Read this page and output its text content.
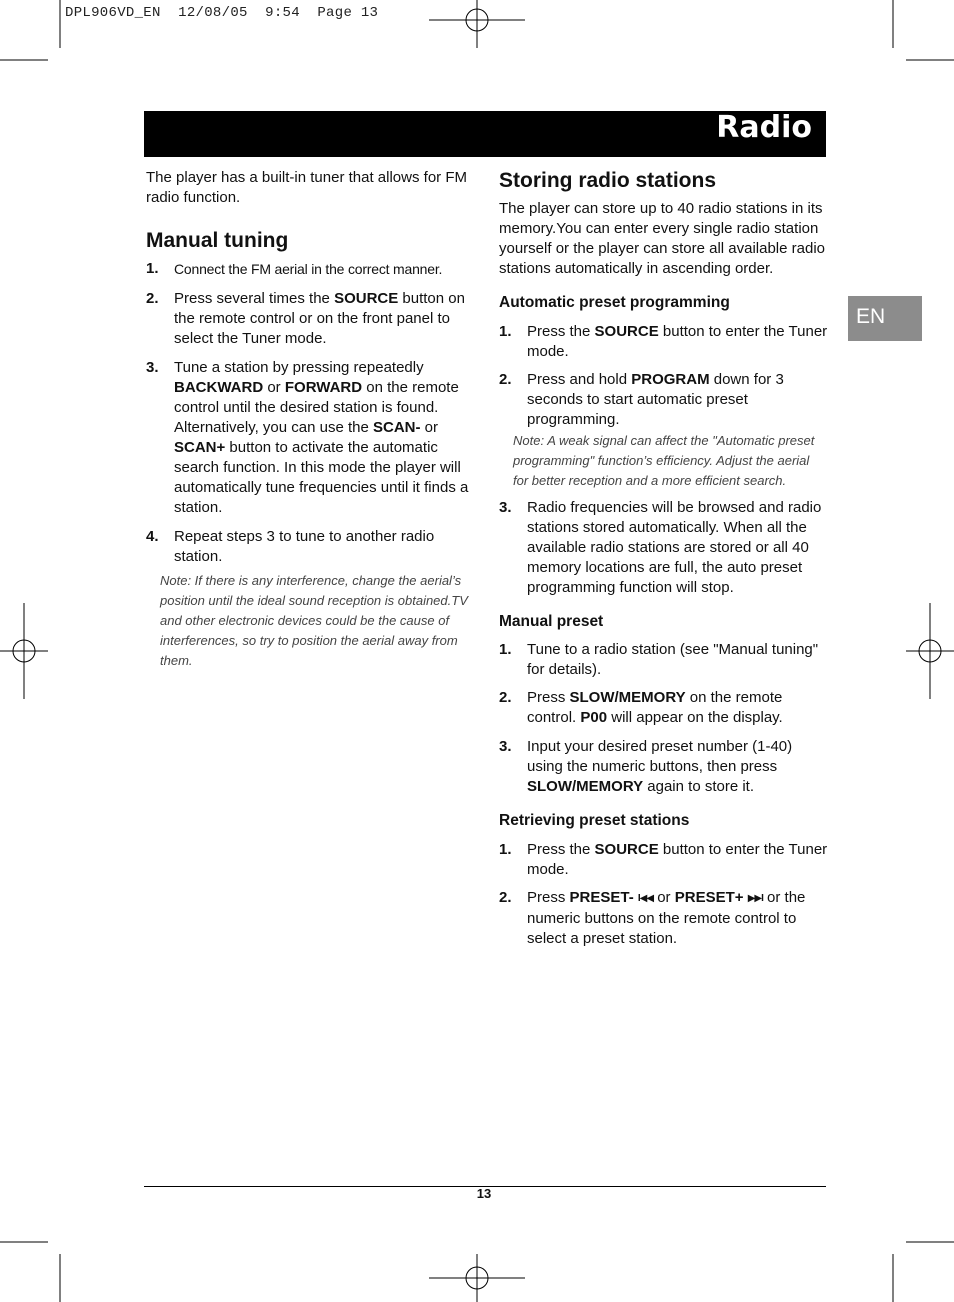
DPL906VD_EN  12/08/05  9:54  Page 13
Radio
EN

The player has a built-in tuner that allows for FM radio function.

Manual tuning
1. Connect the FM aerial in the correct manner.
2. Press several times the SOURCE button on the remote control or on the front panel to select the Tuner mode.
3. Tune a station by pressing repeatedly BACKWARD or FORWARD on the remote control until the desired station is found.
Alternatively, you can use the SCAN- or SCAN+ button to activate the automatic search function. In this mode the player will automatically tune frequencies until it finds a station.
4. Repeat steps 3 to tune to another radio station.

Note: If there is any interference, change the aerial’s position until the ideal sound reception is obtained.TV and other electronic devices could be the cause of interferences, so try to position the aerial away from them.

Storing radio stations

The player can store up to 40 radio stations in its memory.You can enter every single radio station yourself or the player can store all available radio stations automatically in ascending order.

Automatic preset programming
1. Press the SOURCE button to enter the Tuner mode.
2. Press and hold PROGRAM down for 3 seconds to start automatic preset programming.

Note: A weak signal can affect the "Automatic preset programming" function’s efficiency. Adjust the aerial for better reception and a more efficient search.

3. Radio frequencies will be browsed and radio stations stored automatically. When all the available radio stations are stored or all 40 memory locations are full, the auto preset programming function will stop.
Manual preset
1. Tune to a radio station (see "Manual tuning" for details).
2. Press SLOW/MEMORY on the remote control. P00 will appear on the display.
3. Input your desired preset number (1-40) using the numeric buttons, then press SLOW/MEMORY again to store it.
Retrieving preset stations
1. Press the SOURCE button to enter the Tuner mode.
2. Press PRESET- I◀◀ or PRESET+ ▶▶I or the numeric buttons on the remote control to select a preset station.
13
